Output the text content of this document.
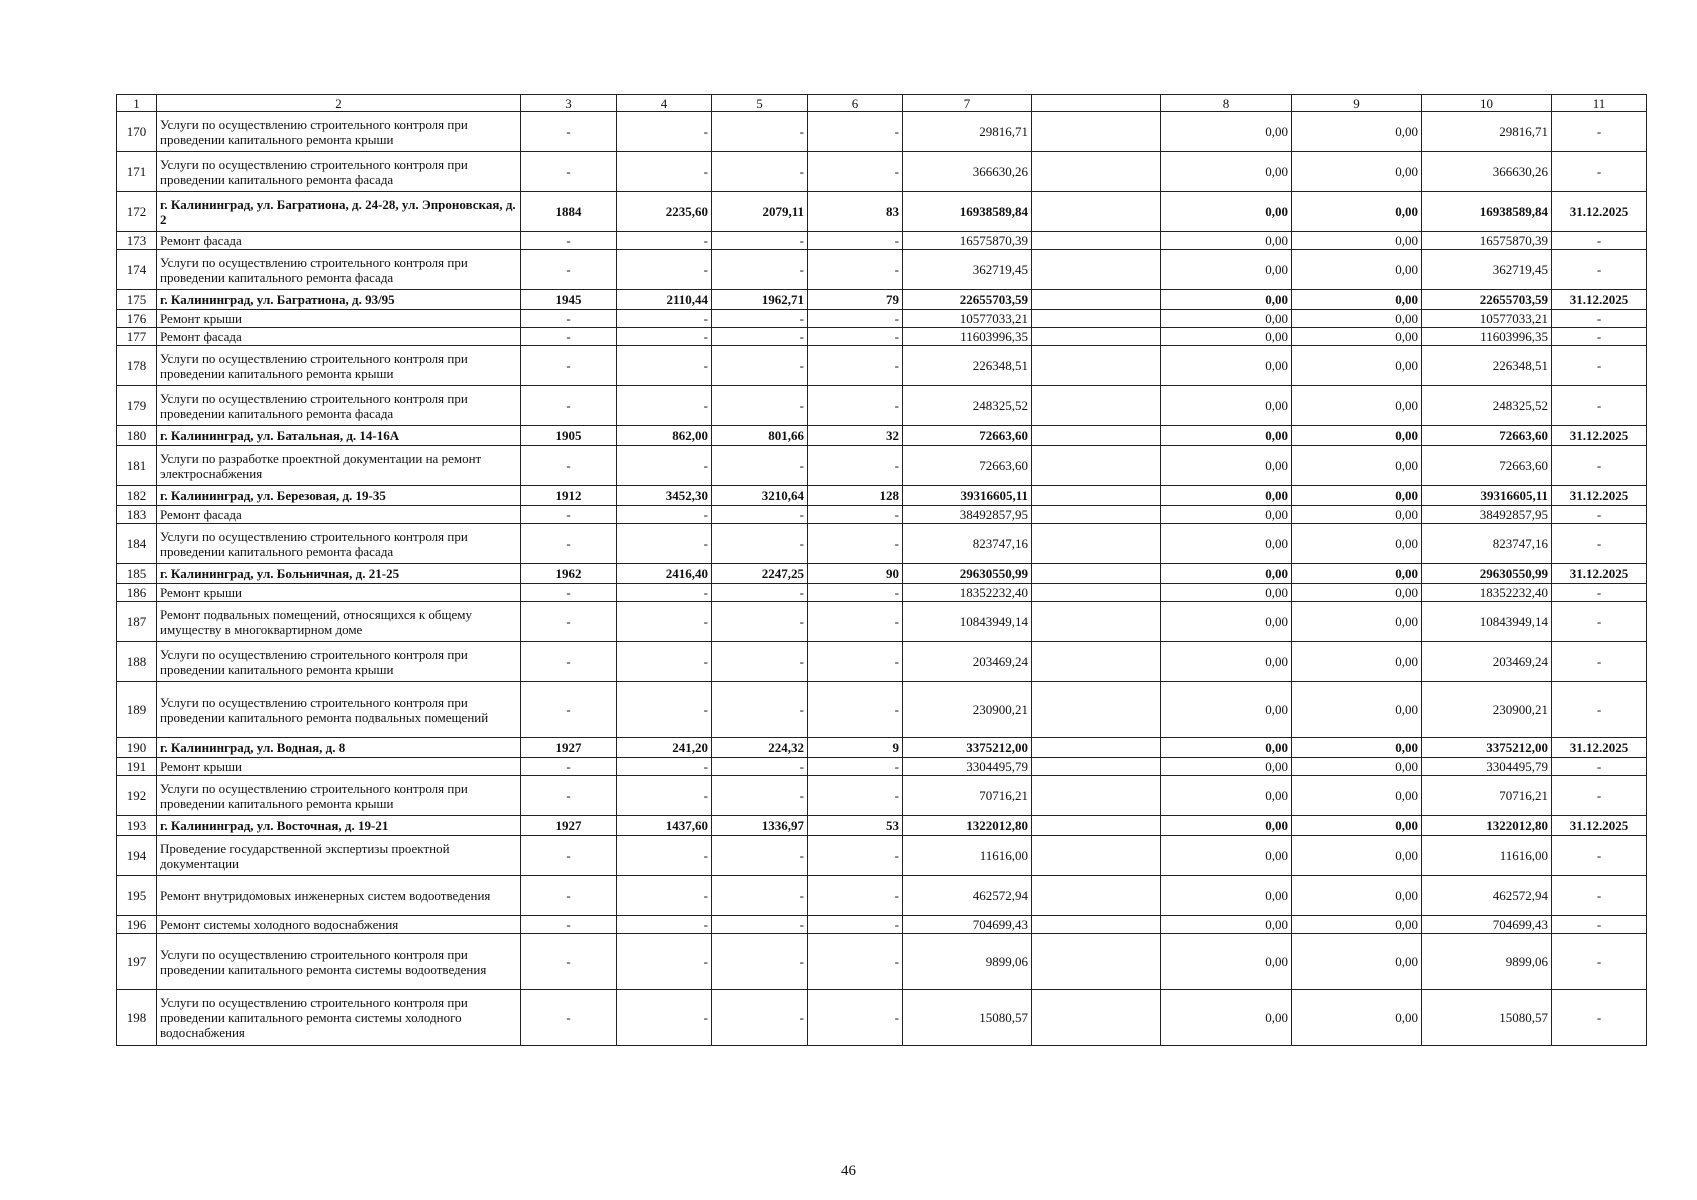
1	2	3	4	5	6	7		8	9	10	11
170	Услуги по осуществлению строительного контроля при проведении капитального ремонта крыши	-	-	-	-	29816,71		0,00	0,00	29816,71	-
171	Услуги по осуществлению строительного контроля при проведении капитального ремонта фасада	-	-	-	-	366630,26		0,00	0,00	366630,26	-
172	г. Калининград, ул. Багратиона, д. 24-28, ул. Эпроновская, д. 2	1884	2235,60	2079,11	83	16938589,84		0,00	0,00	16938589,84	31.12.2025
173	Ремонт фасада	-	-	-	-	16575870,39		0,00	0,00	16575870,39	-
174	Услуги по осуществлению строительного контроля при проведении капитального ремонта фасада	-	-	-	-	362719,45		0,00	0,00	362719,45	-
175	г. Калининград, ул. Багратиона, д. 93/95	1945	2110,44	1962,71	79	22655703,59		0,00	0,00	22655703,59	31.12.2025
176	Ремонт крыши	-	-	-	-	10577033,21		0,00	0,00	10577033,21	-
177	Ремонт фасада	-	-	-	-	11603996,35		0,00	0,00	11603996,35	-
178	Услуги по осуществлению строительного контроля при проведении капитального ремонта крыши	-	-	-	-	226348,51		0,00	0,00	226348,51	-
179	Услуги по осуществлению строительного контроля при проведении капитального ремонта фасада	-	-	-	-	248325,52		0,00	0,00	248325,52	-
180	г. Калининград, ул. Батальная, д. 14-16А	1905	862,00	801,66	32	72663,60		0,00	0,00	72663,60	31.12.2025
181	Услуги по разработке проектной документации на ремонт электроснабжения	-	-	-	-	72663,60		0,00	0,00	72663,60	-
182	г. Калининград, ул. Березовая, д. 19-35	1912	3452,30	3210,64	128	39316605,11		0,00	0,00	39316605,11	31.12.2025
183	Ремонт фасада	-	-	-	-	38492857,95		0,00	0,00	38492857,95	-
184	Услуги по осуществлению строительного контроля при проведении капитального ремонта фасада	-	-	-	-	823747,16		0,00	0,00	823747,16	-
185	г. Калининград, ул. Больничная, д. 21-25	1962	2416,40	2247,25	90	29630550,99		0,00	0,00	29630550,99	31.12.2025
186	Ремонт крыши	-	-	-	-	18352232,40		0,00	0,00	18352232,40	-
187	Ремонт подвальных помещений, относящихся к общему имуществу в многоквартирном доме	-	-	-	-	10843949,14		0,00	0,00	10843949,14	-
188	Услуги по осуществлению строительного контроля при проведении капитального ремонта крыши	-	-	-	-	203469,24		0,00	0,00	203469,24	-
189	Услуги по осуществлению строительного контроля при проведении капитального ремонта подвальных помещений	-	-	-	-	230900,21		0,00	0,00	230900,21	-
190	г. Калининград, ул. Водная, д. 8	1927	241,20	224,32	9	3375212,00		0,00	0,00	3375212,00	31.12.2025
191	Ремонт крыши	-	-	-	-	3304495,79		0,00	0,00	3304495,79	-
192	Услуги по осуществлению строительного контроля при проведении капитального ремонта крыши	-	-	-	-	70716,21		0,00	0,00	70716,21	-
193	г. Калининград, ул. Восточная, д. 19-21	1927	1437,60	1336,97	53	1322012,80		0,00	0,00	1322012,80	31.12.2025
194	Проведение государственной экспертизы проектной документации	-	-	-	-	11616,00		0,00	0,00	11616,00	-
195	Ремонт внутридомовых инженерных систем водоотведения	-	-	-	-	462572,94		0,00	0,00	462572,94	-
196	Ремонт системы холодного водоснабжения	-	-	-	-	704699,43		0,00	0,00	704699,43	-
197	Услуги по осуществлению строительного контроля при проведении капитального ремонта системы водоотведения	-	-	-	-	9899,06		0,00	0,00	9899,06	-
198	Услуги по осуществлению строительного контроля при проведении капитального ремонта системы холодного водоснабжения	-	-	-	-	15080,57		0,00	0,00	15080,57	-
46
